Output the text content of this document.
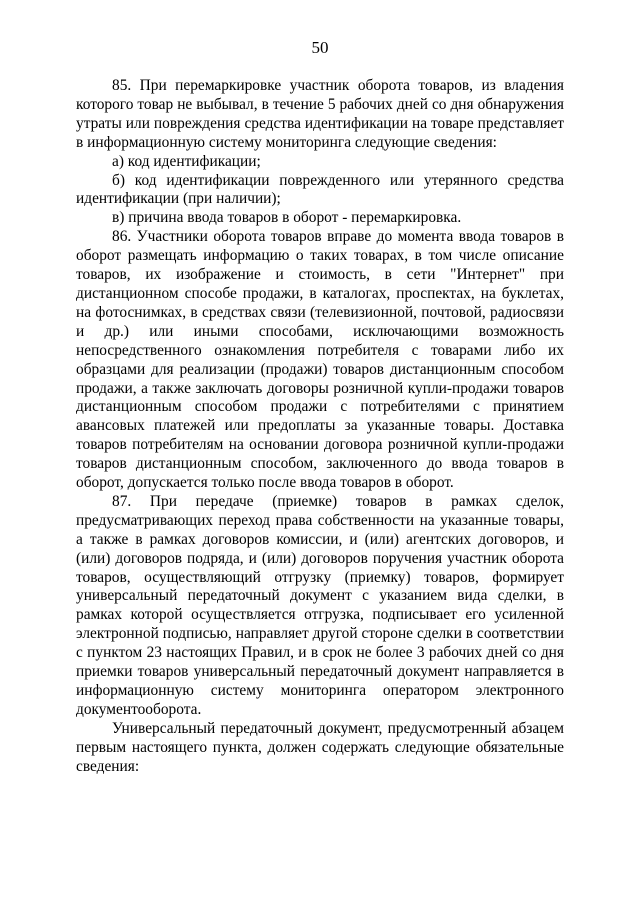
50

85. При перемаркировке участник оборота товаров, из владения которого товар не выбывал, в течение 5 рабочих дней со дня обнаружения утраты или повреждения средства идентификации на товаре представляет в информационную систему мониторинга следующие сведения:

а) код идентификации;

б) код идентификации поврежденного или утерянного средства идентификации (при наличии);

в) причина ввода товаров в оборот - перемаркировка.

86. Участники оборота товаров вправе до момента ввода товаров в оборот размещать информацию о таких товарах, в том числе описание товаров, их изображение и стоимость, в сети "Интернет" при дистанционном способе продажи, в каталогах, проспектах, на буклетах, на фотоснимках, в средствах связи (телевизионной, почтовой, радиосвязи и др.) или иными способами, исключающими возможность непосредственного ознакомления потребителя с товарами либо их образцами для реализации (продажи) товаров дистанционным способом продажи, а также заключать договоры розничной купли-продажи товаров дистанционным способом продажи с потребителями с принятием авансовых платежей или предоплаты за указанные товары. Доставка товаров потребителям на основании договора розничной купли-продажи товаров дистанционным способом, заключенного до ввода товаров в оборот, допускается только после ввода товаров в оборот.

87. При передаче (приемке) товаров в рамках сделок, предусматривающих переход права собственности на указанные товары, а также в рамках договоров комиссии, и (или) агентских договоров, и (или) договоров подряда, и (или) договоров поручения участник оборота товаров, осуществляющий отгрузку (приемку) товаров, формирует универсальный передаточный документ с указанием вида сделки, в рамках которой осуществляется отгрузка, подписывает его усиленной электронной подписью, направляет другой стороне сделки в соответствии с пунктом 23 настоящих Правил, и в срок не более 3 рабочих дней со дня приемки товаров универсальный передаточный документ направляется в информационную систему мониторинга оператором электронного документооборота.

Универсальный передаточный документ, предусмотренный абзацем первым настоящего пункта, должен содержать следующие обязательные сведения:
